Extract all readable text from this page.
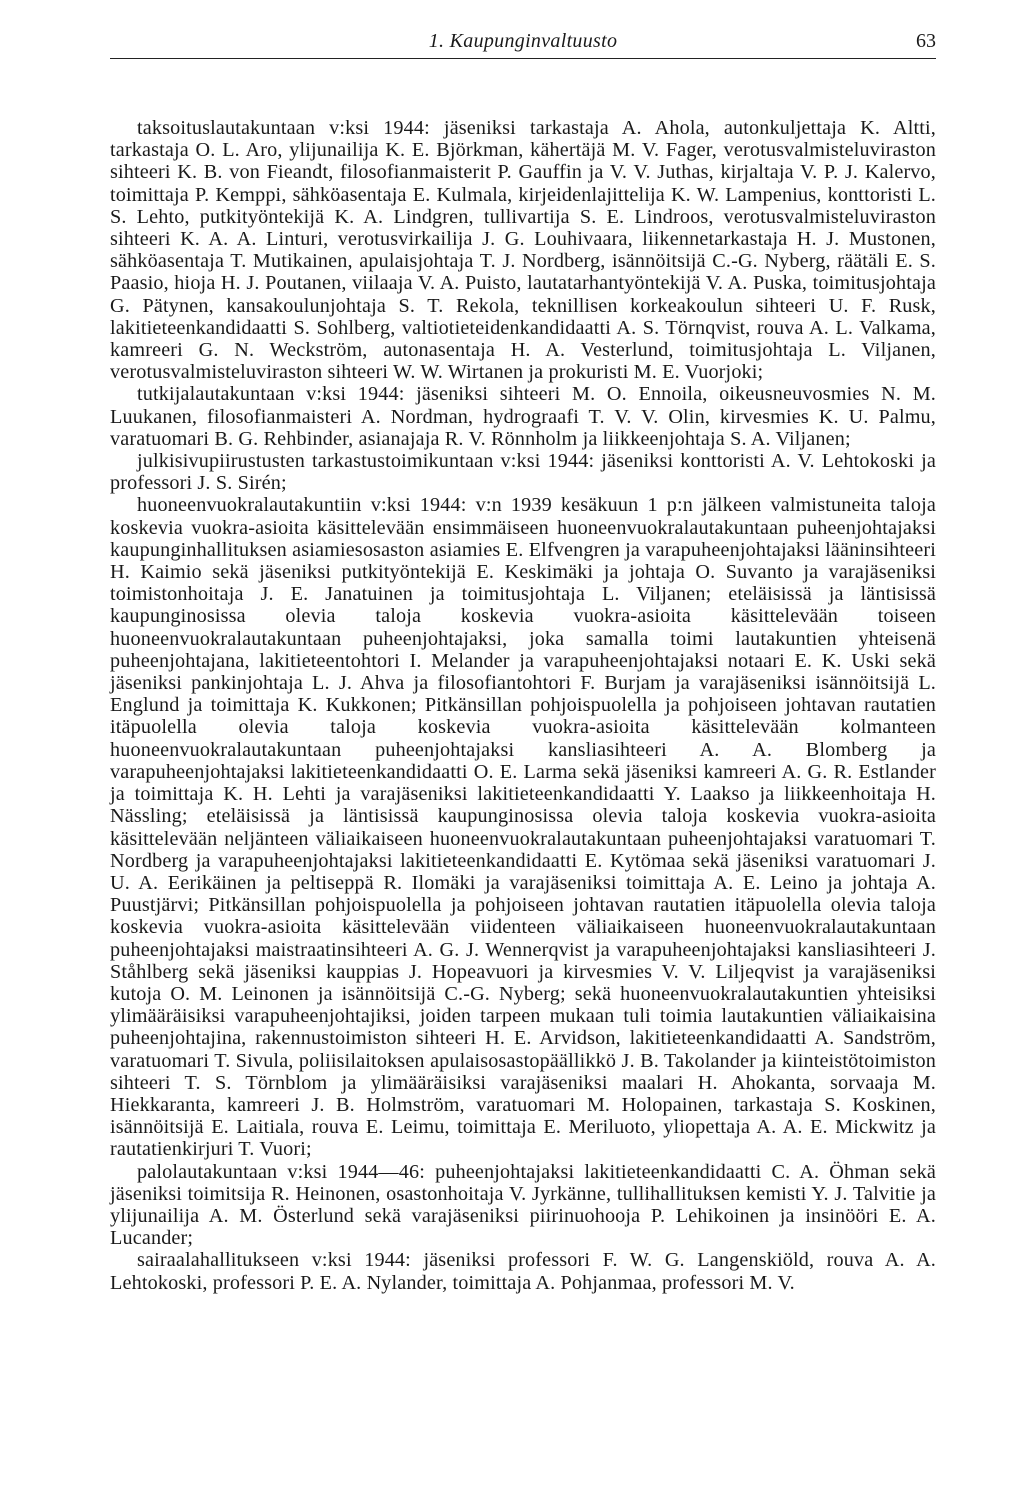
1. Kaupunginvaltuusto	63

taksoituslautakuntaan v:ksi 1944: jäseniksi tarkastaja A. Ahola, autonkuljettaja K. Altti, tarkastaja O. L. Aro, ylijunailija K. E. Björkman, kähertäjä M. V. Fager, verotusvalmisteluviraston sihteeri K. B. von Fieandt, filosofianmaisterit P. Gauffin ja V. V. Juthas, kirjaltaja V. P. J. Kalervo, toimittaja P. Kemppi, sähköasentaja E. Kulmala, kirjeidenlajittelija K. W. Lampenius, konttoristi L. S. Lehto, putkityöntekijä K. A. Lindgren, tullivartija S. E. Lindroos, verotusvalmisteluviraston sihteeri K. A. A. Linturi, verotusvirkailija J. G. Louhivaara, liikennetarkastaja H. J. Mustonen, sähköasentaja T. Mutikainen, apulaisjohtaja T. J. Nordberg, isännöitsijä C.-G. Nyberg, räätäli E. S. Paasio, hioja H. J. Poutanen, viilaaja V. A. Puisto, lautatarhantyöntekijä V. A. Puska, toimitusjohtaja G. Pätynen, kansakoulunjohtaja S. T. Rekola, teknillisen korkeakoulun sihteeri U. F. Rusk, lakitieteenkandidaatti S. Sohlberg, valtiotieteidenkandidaatti A. S. Törnqvist, rouva A. L. Valkama, kamreeri G. N. Weckström, autonasentaja H. A. Vesterlund, toimitusjohtaja L. Viljanen, verotusvalmisteluviraston sihteeri W. W. Wirtanen ja prokuristi M. E. Vuorjoki;

tutkijalautakuntaan v:ksi 1944: jäseniksi sihteeri M. O. Ennoila, oikeusneuvosmies N. M. Luukanen, filosofianmaisteri A. Nordman, hydrograafi T. V. V. Olin, kirvesmies K. U. Palmu, varatuomari B. G. Rehbinder, asianajaja R. V. Rönnholm ja liikkeenjohtaja S. A. Viljanen;

julkisivupiirustusten tarkastustoimikuntaan v:ksi 1944: jäseniksi konttoristi A. V. Lehtokoski ja professori J. S. Sirén;

huoneenvuokralautakuntiin v:ksi 1944: v:n 1939 kesäkuun 1 p:n jälkeen valmistuneita taloja koskevia vuokra-asioita käsittelevään ensimmäiseen huoneenvuokralautakuntaan puheenjohtajaksi kaupunginhallituksen asiamiesosaston asiamies E. Elfvengren ja varapuheenjohtajaksi lääninsihteeri H. Kaimio sekä jäseniksi putkityöntekijä E. Keskimäki ja johtaja O. Suvanto ja varajäseniksi toimistonhoitaja J. E. Janatuinen ja toimitusjohtaja L. Viljanen; eteläisissä ja läntisissä kaupunginosissa olevia taloja koskevia vuokra-asioita käsittelevään toiseen huoneenvuokralautakuntaan puheenjohtajaksi, joka samalla toimi lautakuntien yhteisenä puheenjohtajana, lakitieteentohtori I. Melander ja varapuheenjohtajaksi notaari E. K. Uski sekä jäseniksi pankinjohtaja L. J. Ahva ja filosofiantohtori F. Burjam ja varajäseniksi isännöitsijä L. Englund ja toimittaja K. Kukkonen; Pitkänsillan pohjoispuolella ja pohjoiseen johtavan rautatien itäpuolella olevia taloja koskevia vuokra-asioita käsittelevään kolmanteen huoneenvuokralautakuntaan puheenjohtajaksi kansliasihteeri A. A. Blomberg ja varapuheenjohtajaksi lakitieteenkandidaatti O. E. Larma sekä jäseniksi kamreeri A. G. R. Estlander ja toimittaja K. H. Lehti ja varajäseniksi lakitieteenkandidaatti Y. Laakso ja liikkeenhoitaja H. Nässling; eteläisissä ja läntisissä kaupunginosissa olevia taloja koskevia vuokra-asioita käsittelevään neljänteen väliaikaiseen huoneenvuokralautakuntaan puheenjohtajaksi varatuomari T. Nordberg ja varapuheenjohtajaksi lakitieteenkandidaatti E. Kytömaa sekä jäseniksi varatuomari J. U. A. Eerikäinen ja peltiseppä R. Ilomäki ja varajäseniksi toimittaja A. E. Leino ja johtaja A. Puustjärvi; Pitkänsillan pohjoispuolella ja pohjoiseen johtavan rautatien itäpuolella olevia taloja koskevia vuokra-asioita käsittelevään viidenteen väliaikaiseen huoneenvuokralautakuntaan puheenjohtajaksi maistraatinsihteeri A. G. J. Wennerqvist ja varapuheenjohtajaksi kansliasihteeri J. Ståhlberg sekä jäseniksi kauppias J. Hopeavuori ja kirvesmies V. V. Liljeqvist ja varajäseniksi kutoja O. M. Leinonen ja isännöitsijä C.-G. Nyberg; sekä huoneenvuokralautakuntien yhteisiksi ylimääräisiksi varapuheenjohtajiksi, joiden tarpeen mukaan tuli toimia lautakuntien väliaikaisina puheenjohtajina, rakennustoimiston sihteeri H. E. Arvidson, lakitieteenkandidaatti A. Sandström, varatuomari T. Sivula, poliisilaitoksen apulaisosastopäällikkö J. B. Takolander ja kiinteistötoimiston sihteeri T. S. Törnblom ja ylimääräisiksi varajäseniksi maalari H. Ahokanta, sorvaaja M. Hiekkaranta, kamreeri J. B. Holmström, varatuomari M. Holopainen, tarkastaja S. Koskinen, isännöitsijä E. Laitiala, rouva E. Leimu, toimittaja E. Meriluoto, yliopettaja A. A. E. Mickwitz ja rautatienkirjuri T. Vuori;

palolautakuntaan v:ksi 1944—46: puheenjohtajaksi lakitieteenkandidaatti C. A. Öhman sekä jäseniksi toimitsija R. Heinonen, osastonhoitaja V. Jyrkänne, tullihallituksen kemisti Y. J. Talvitie ja ylijunailija A. M. Österlund sekä varajäseniksi piirinuohooja P. Lehikoinen ja insinööri E. A. Lucander;

sairaalahallitukseen v:ksi 1944: jäseniksi professori F. W. G. Langenskiöld, rouva A. A. Lehtokoski, professori P. E. A. Nylander, toimittaja A. Pohjanmaa, professori M. V.
